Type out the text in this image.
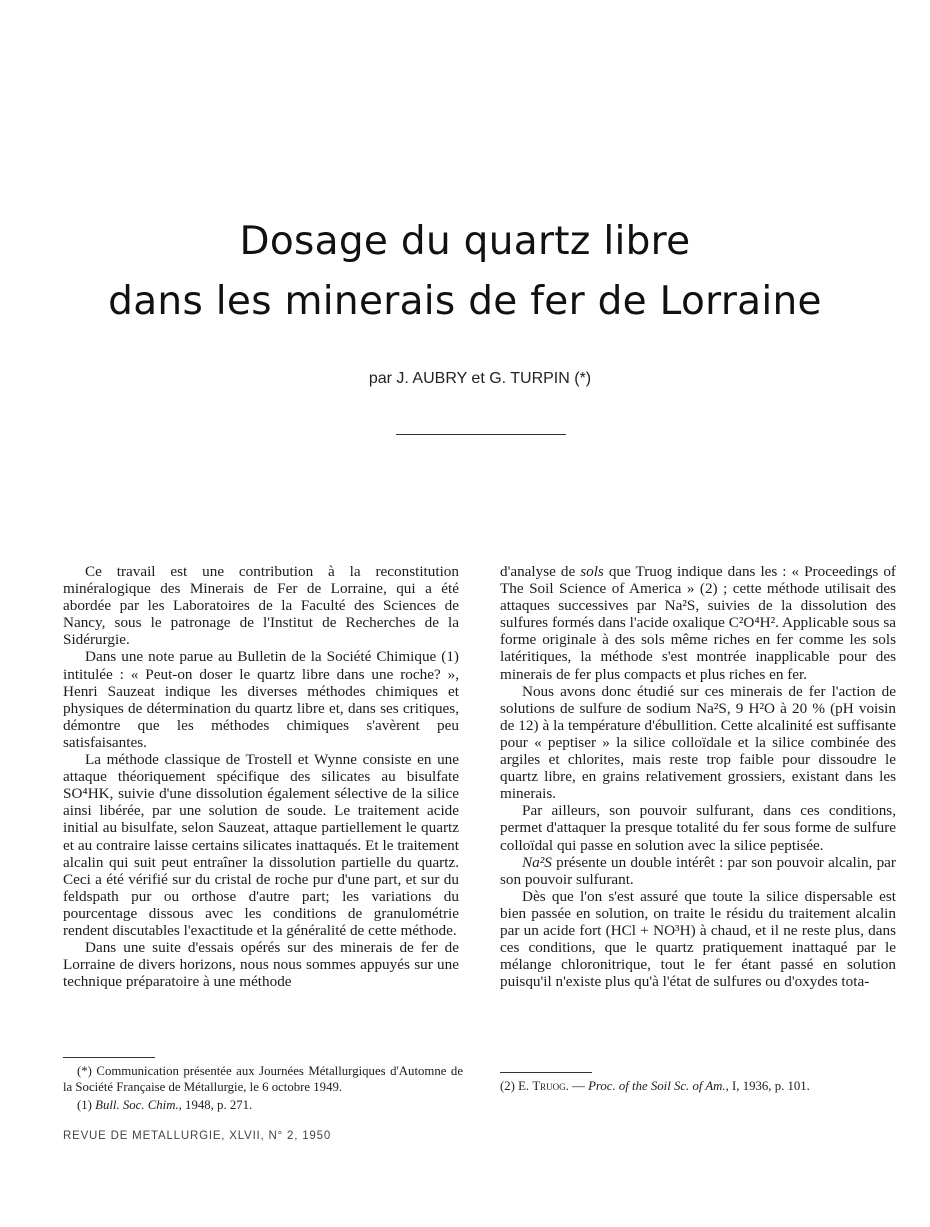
Dosage du quartz libre
dans les minerais de fer de Lorraine
par J. AUBRY et G. TURPIN (*)

Ce travail est une contribution à la reconstitution minéralogique des Minerais de Fer de Lorraine, qui a été abordée par les Laboratoires de la Faculté des Sciences de Nancy, sous le patronage de l'Institut de Recherches de la Sidérurgie.

Dans une note parue au Bulletin de la Société Chimique (1) intitulée : « Peut-on doser le quartz libre dans une roche? », Henri Sauzeat indique les diverses méthodes chimiques et physiques de détermination du quartz libre et, dans ses critiques, démontre que les méthodes chimiques s'avèrent peu satisfaisantes.

La méthode classique de Trostell et Wynne consiste en une attaque théoriquement spécifique des silicates au bisulfate SO⁴HK, suivie d'une dissolution également sélective de la silice ainsi libérée, par une solution de soude. Le traitement acide initial au bisulfate, selon Sauzeat, attaque partiellement le quartz et au contraire laisse certains silicates inattaqués. Et le traitement alcalin qui suit peut entraîner la dissolution partielle du quartz. Ceci a été vérifié sur du cristal de roche pur d'une part, et sur du feldspath pur ou orthose d'autre part; les variations du pourcentage dissous avec les conditions de granulométrie rendent discutables l'exactitude et la généralité de cette méthode.

Dans une suite d'essais opérés sur des minerais de fer de Lorraine de divers horizons, nous nous sommes appuyés sur une technique préparatoire à une méthode

d'analyse de sols que Truog indique dans les : « Proceedings of The Soil Science of America » (2) ; cette méthode utilisait des attaques successives par Na²S, suivies de la dissolution des sulfures formés dans l'acide oxalique C²O⁴H². Applicable sous sa forme originale à des sols même riches en fer comme les sols latéritiques, la méthode s'est montrée inapplicable pour des minerais de fer plus compacts et plus riches en fer.

Nous avons donc étudié sur ces minerais de fer l'action de solutions de sulfure de sodium Na²S, 9 H²O à 20 % (pH voisin de 12) à la température d'ébullition. Cette alcalinité est suffisante pour « peptiser » la silice colloïdale et la silice combinée des argiles et chlorites, mais reste trop faible pour dissoudre le quartz libre, en grains relativement grossiers, existant dans les minerais.

Par ailleurs, son pouvoir sulfurant, dans ces conditions, permet d'attaquer la presque totalité du fer sous forme de sulfure colloïdal qui passe en solution avec la silice peptisée.

Na²S présente un double intérêt : par son pouvoir alcalin, par son pouvoir sulfurant.

Dès que l'on s'est assuré que toute la silice dispersable est bien passée en solution, on traite le résidu du traitement alcalin par un acide fort (HCl + NO³H) à chaud, et il ne reste plus, dans ces conditions, que le quartz pratiquement inattaqué par le mélange chloronitrique, tout le fer étant passé en solution puisqu'il n'existe plus qu'à l'état de sulfures ou d'oxydes tota-

(*) Communication présentée aux Journées Métallurgiques d'Automne de la Société Française de Métallurgie, le 6 octobre 1949.

(1) Bull. Soc. Chim., 1948, p. 271.

(2) E. Truog. — Proc. of the Soil Sc. of Am., I, 1936, p. 101.

REVUE DE METALLURGIE, XLVII, N° 2, 1950
